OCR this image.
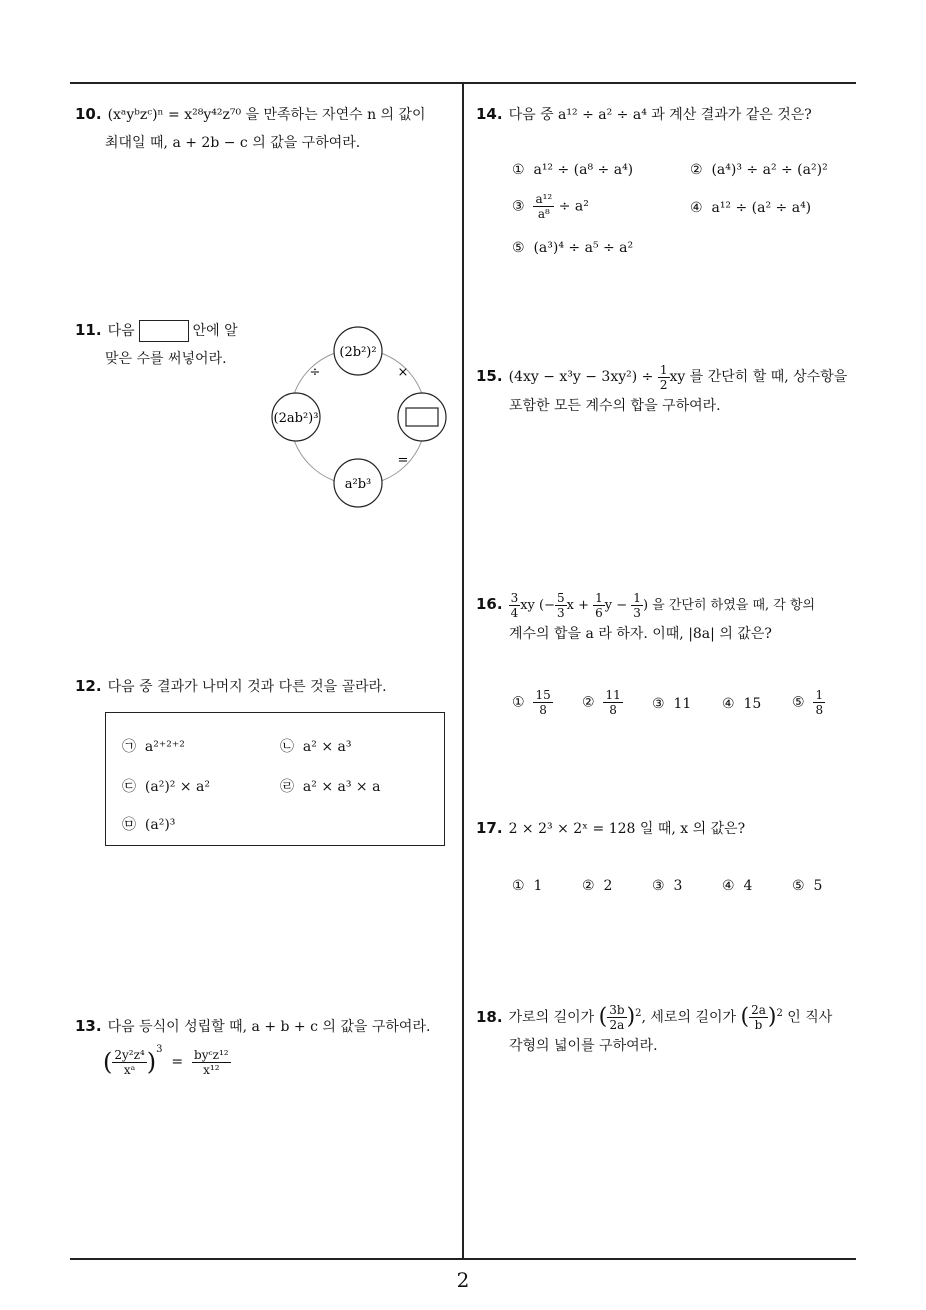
10. (xᵃyᵇzᶜ)ⁿ = x²⁸y⁴²z⁷⁰ 을 만족하는 자연수 n 의 값이
최대일 때, a + 2b − c 의 값을 구하여라.
11. 다음	안에 알
맞은 수를 써넣어라.	(2b²)²
(2ab²)³
a²b³
÷	×
=
12. 다음 중 결과가 나머지 것과 다른 것을 골라라.
㉠ a²⁺²⁺²	㉡ a² × a³
㉢ (a²)² × a²	㉣ a² × a³ × a
㉤ (a²)³
13. 다음 등식이 성립할 때, a + b + c 의 값을 구하여라.
( $\frac{\text{2y²z⁴}}{\text{xᵃ}} )^3 = \frac{\text{byᶜz¹²}}{\text{x¹²}}$
14. 다음 중 a¹² ÷ a² ÷ a⁴ 과 계산 결과가 같은 것은?
① a¹² ÷ (a⁸ ÷ a⁴)	② (a⁴)³ ÷ a² ÷ (a²)²
③ $\frac{\text{a¹²}}{\text{a⁸}} \div a^2$	④ a¹² ÷ (a² ÷ a⁴)
⑤ (a³)⁴ ÷ a⁵ ÷ a²
15. $(4xy - x^3y - 3xy^2) \div \frac{1}{2}$ xy 를 간단히 할 때, 상수항을
포함한 모든 계수의 합을 구하여라.
16. $\frac{3}{4}$ xy (− $\frac{5}{3}$ $x + \frac{1}{6}$ $y - \frac{1}{3}$ ) 을 간단히 하였을 때, 각 항의
계수의 합을 a 라 하자. 이때, |8a| 의 값은?
① $\frac{15}{8}$ ② $\frac{11}{8}$ ③ 11 ④ 15 ⑤ $\frac{1}{8}$
17. 2 × 2³ × 2ˣ = 128 일 때, x 의 값은?
① 1	② 2	③ 3	④ 4	⑤ 5
18. 가로의 길이가 ( $\frac{3b}{2a} )^2$, 세로의 길이가 ( $\frac{2a}{b} )^2$ 인 직사
각형의 넓이를 구하여라.
2
